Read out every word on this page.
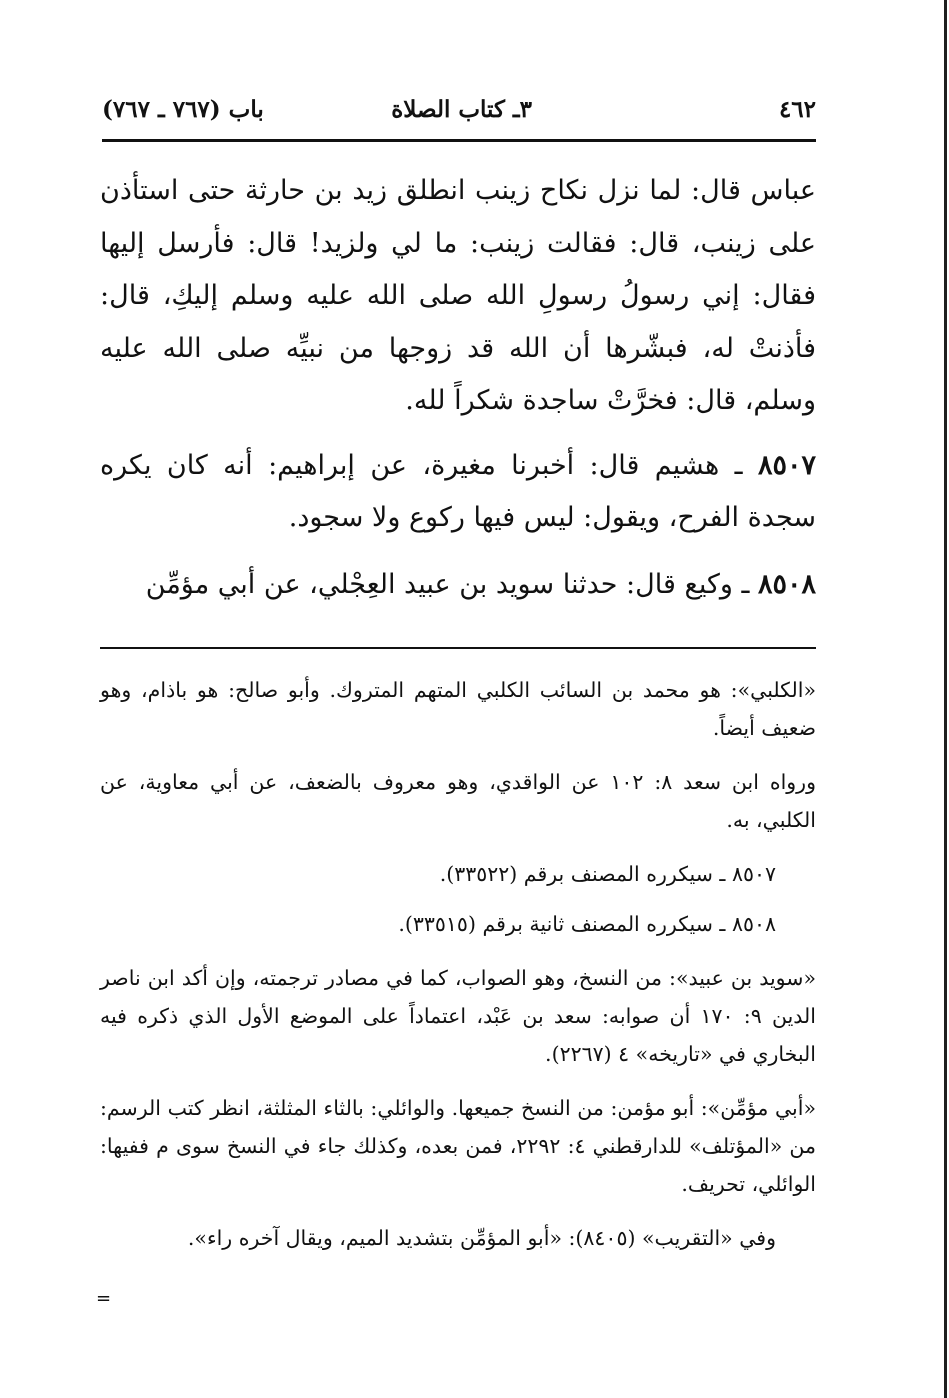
٤٦٢
٣ـ كتاب الصلاة
باب (٧٦٧ ـ ٧٦٧)

عباس قال: لما نزل نكاح زينب انطلق زيد بن حارثة حتى استأذن على زينب، قال: فقالت زينب: ما لي ولزيد! قال: فأرسل إليها فقال: إني رسولُ رسولِ الله صلى الله عليه وسلم إليكِ، قال: فأذنتْ له، فبشّرها أن الله قد زوجها من نبيِّه صلى الله عليه وسلم، قال: فخرَّتْ ساجدة شكراً لله.

٨٥٠٧ ـ هشيم قال: أخبرنا مغيرة، عن إبراهيم: أنه كان يكره سجدة الفرح، ويقول: ليس فيها ركوع ولا سجود.

٨٥٠٨ ـ وكيع قال: حدثنا سويد بن عبيد العِجْلي، عن أبي مؤمِّن

«الكلبي»: هو محمد بن السائب الكلبي المتهم المتروك. وأبو صالح: هو باذام، وهو ضعيف أيضاً.

ورواه ابن سعد ٨: ١٠٢ عن الواقدي، وهو معروف بالضعف، عن أبي معاوية، عن الكلبي، به.

٨٥٠٧ ـ سيكرره المصنف برقم (٣٣٥٢٢).

٨٥٠٨ ـ سيكرره المصنف ثانية برقم (٣٣٥١٥).

«سويد بن عبيد»: من النسخ، وهو الصواب، كما في مصادر ترجمته، وإن أكد ابن ناصر الدين ٩: ١٧٠ أن صوابه: سعد بن عَبْد، اعتماداً على الموضع الأول الذي ذكره فيه البخاري في «تاريخه» ٤ (٢٢٦٧).

«أبي مؤمِّن»: أبو مؤمن: من النسخ جميعها. والوائلي: بالثاء المثلثة، انظر كتب الرسم: من «المؤتلف» للدارقطني ٤: ٢٢٩٢، فمن بعده، وكذلك جاء في النسخ سوى م ففيها: الوائلي، تحريف.

وفي «التقريب» (٨٤٠٥): «أبو المؤمِّن بتشديد الميم، ويقال آخره راء».

=
